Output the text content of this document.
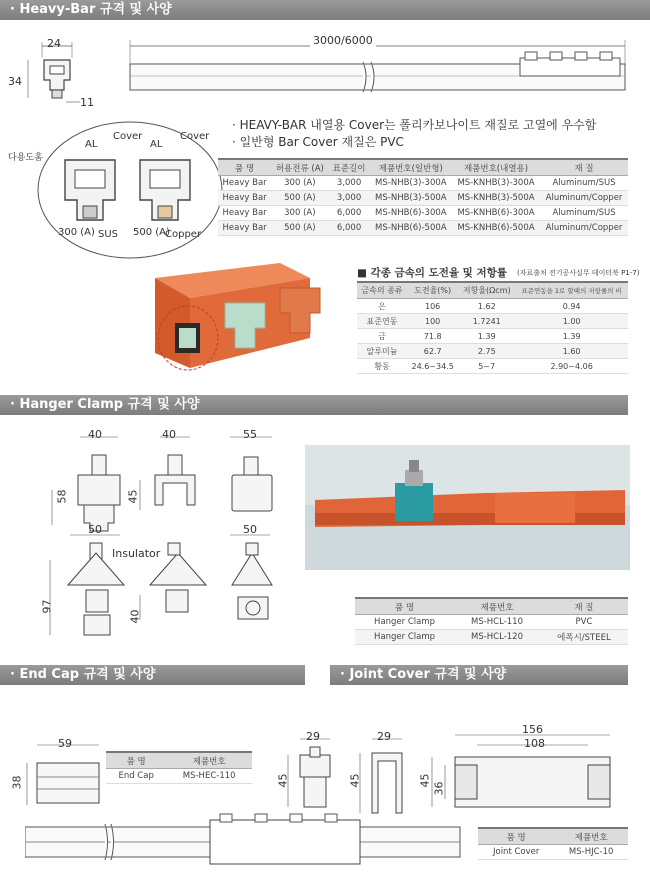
· Heavy-Bar 규격 및 사양
24
34
11
3000/6000
AL
Cover
AL
Cover
다용도홈
300 (A) SUS 500 (A)
Copper
· HEAVY-BAR 내열용 Cover는 폴리카보나이트 재질로 고열에 우수함
· 일반형 Bar Cover 재질은 PVC
품 명	허용전류 (A)	표준길이	제품번호(일반형)	제품번호(내열용)	재 질
Heavy Bar	300 (A)	3,000	MS-NHB(3)-300A	MS-KNHB(3)-300A	Aluminum/SUS
Heavy Bar	500 (A)	3,000	MS-NHB(3)-500A	MS-KNHB(3)-500A	Aluminum/Copper
Heavy Bar	300 (A)	6,000	MS-NHB(6)-300A	MS-KNHB(6)-300A	Aluminum/SUS
Heavy Bar	500 (A)	6,000	MS-NHB(6)-500A	MS-KNHB(6)-500A	Aluminum/Copper
■ 각종 금속의 도전율 및 저항률 (자료출처 전기공사실무 데이터북 P1-7)
금속의 종류	도전율(%)	저항율(Ωcm)	표준연동을 1로 할때의 저항률의 비
은	106	1.62	0.94
표준연동	100	1.7241	1.00
금	71.8	1.39	1.39
알루미늄	62.7	2.75	1.60
황동	24.6~34.5	5~7	2.90~4.06
· Hanger Clamp 규격 및 사양
40	40	55
58	45
50	50
97
40
Insulator
품 명	제품번호	재 질
Hanger Clamp	MS-HCL-110	PVC
Hanger Clamp	MS-HCL-120	에폭시/STEEL
· End Cap 규격 및 사양	· Joint Cover 규격 및 사양
59
38
품 명	제품번호
End Cap	MS-HEC-110
29	29
156
108
45	45	45
36
품 명	제품번호
Joint Cover	MS-HJC-10
